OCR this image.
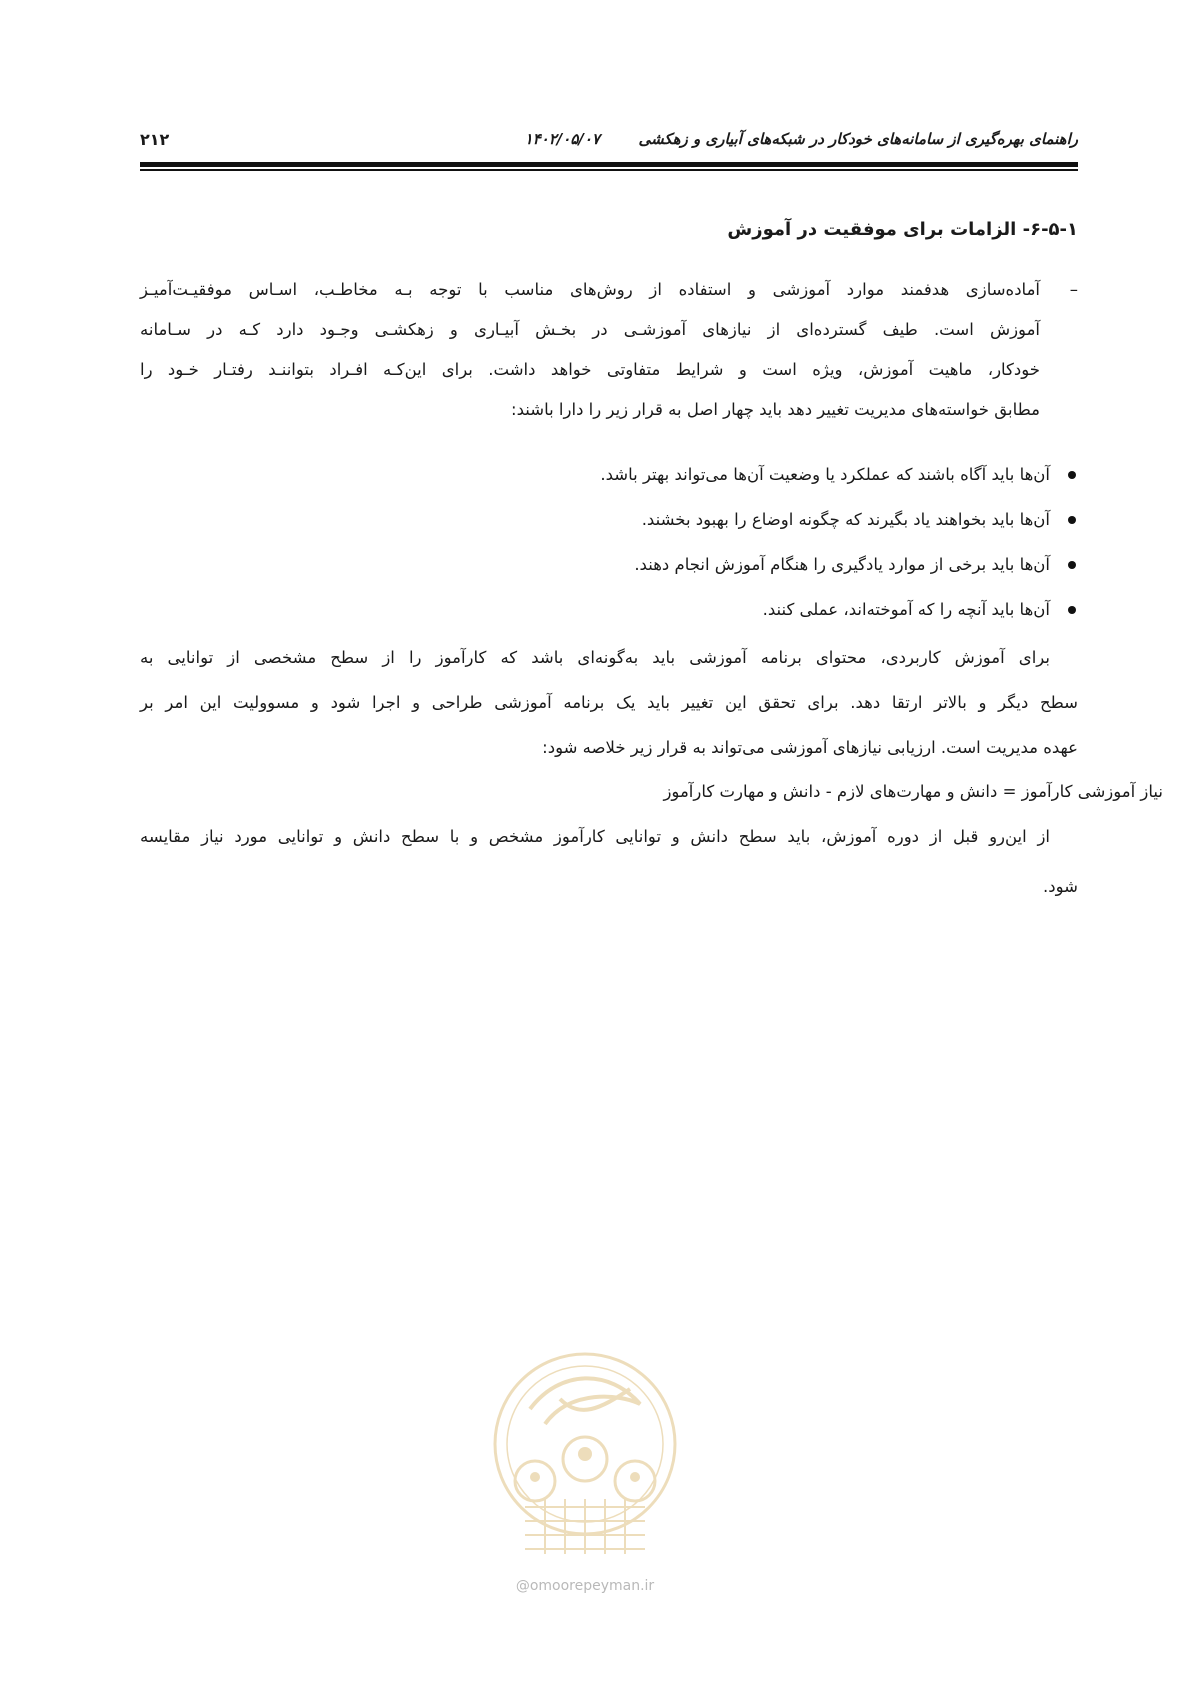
راهنمای بهره‌گیری از سامانه‌های خودکار در شبکه‌های آبیاری و زهکشی  ۱۴۰۲/۰۵/۰۷
۲۱۲
۶-۵-۱- الزامات برای موفقیت در آموزش
–
آماده‌سازی هدفمند موارد آموزشی و استفاده از روش‌های مناسب با توجه بـه مخاطـب، اسـاس موفقیـت‌آمیـز
آموزش است. طیف گسترده‌ای از نیازهای آموزشـی در بخـش آبیـاری و زهکشـی وجـود دارد کـه در سـامانه
خودکار، ماهیت آموزش، ویژه است و شرایط متفاوتی خواهد داشت. برای این‌کـه افـراد بتواننـد رفتـار خـود را
مطابق خواسته‌های مدیریت تغییر دهد باید چهار اصل به قرار زیر را دارا باشند:
آن‌ها باید آگاه باشند که عملکرد یا وضعیت آن‌ها می‌تواند بهتر باشد.
آن‌ها باید بخواهند یاد بگیرند که چگونه اوضاع را بهبود بخشند.
آن‌ها باید برخی از موارد یادگیری را هنگام آموزش انجام دهند.
آن‌ها باید آنچه را که آموخته‌اند، عملی کنند.
برای آموزش کاربردی، محتوای برنامه آموزشی باید به‌گونه‌ای باشد که کارآموز را از سطح مشخصی از توانایی به
سطح دیگر و بالاتر ارتقا دهد. برای تحقق این تغییر باید یک برنامه آموزشی طراحی و اجرا شود و مسوولیت این امر بر
عهده مدیریت است. ارزیابی نیازهای آموزشی می‌تواند به قرار زیر خلاصه شود:
نیاز آموزشی کارآموز = دانش و مهارت‌های لازم - دانش و مهارت کارآموز
از این‌رو قبل از دوره آموزش، باید سطح دانش و توانایی کارآموز مشخص و با سطح دانش و توانایی مورد نیاز مقایسه
شود.
@omoorepeyman.ir
